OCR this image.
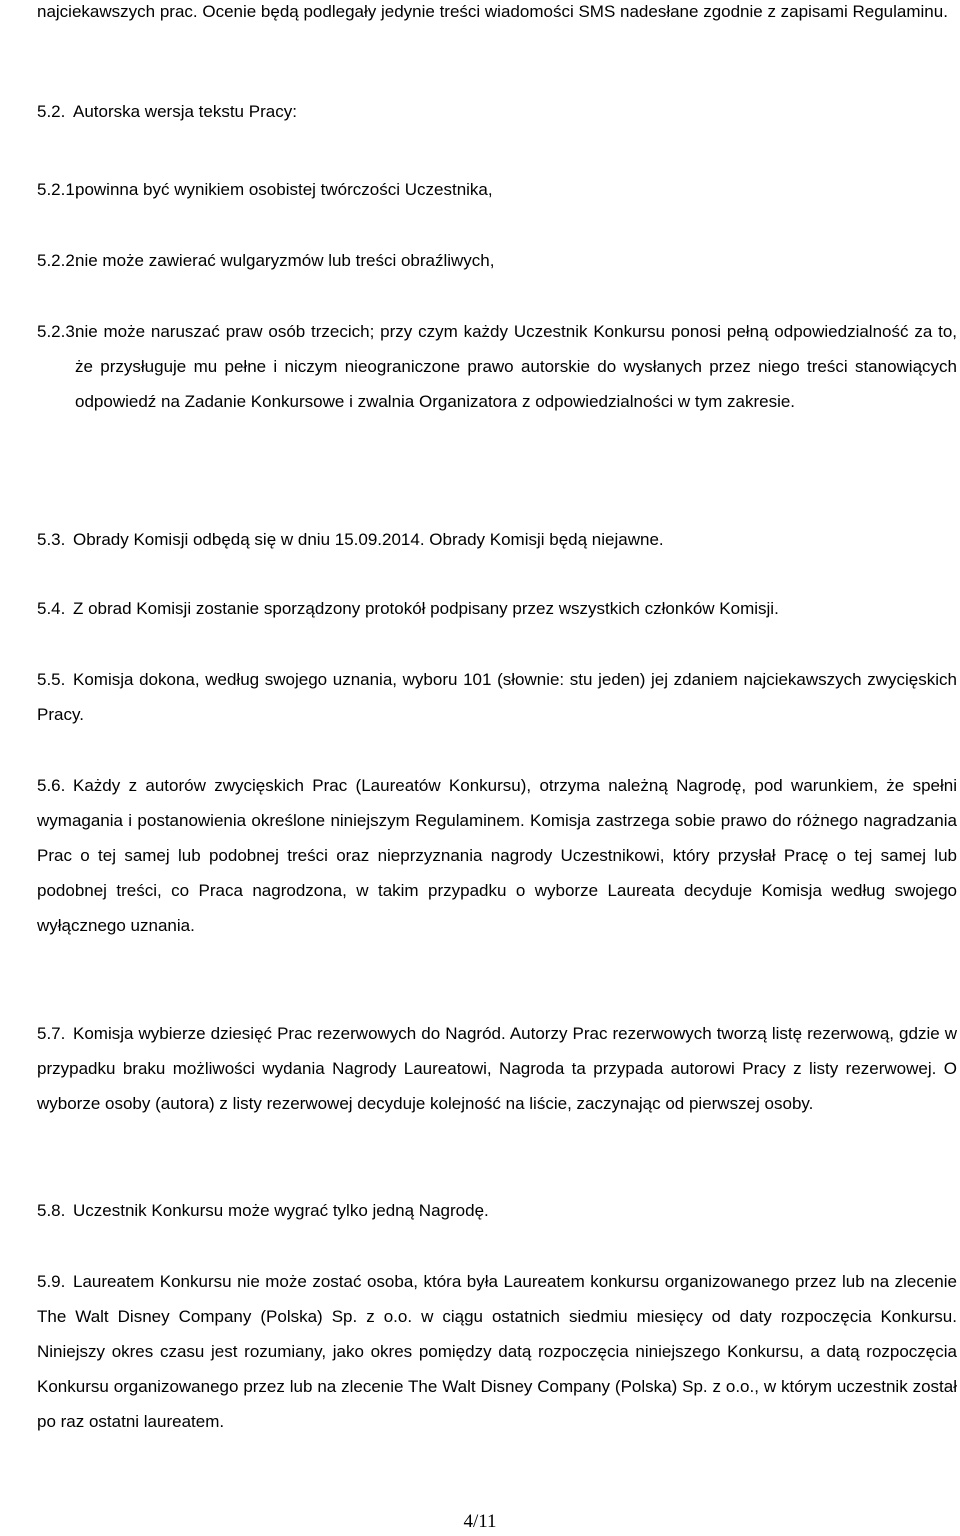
najciekawszych prac. Ocenie będą podlegały jedynie treści wiadomości SMS nadesłane zgodnie z zapisami Regulaminu.

5.2. Autorska wersja tekstu Pracy:
5.2.1.
powinna być wynikiem osobistej twórczości Uczestnika,
5.2.2.
nie może zawierać wulgaryzmów lub treści obraźliwych,
5.2.3.
nie może naruszać praw osób trzecich; przy czym każdy Uczestnik Konkursu ponosi pełną odpowiedzialność za to, że przysługuje mu pełne i niczym nieograniczone prawo autorskie do wysłanych przez niego treści stanowiących odpowiedź na Zadanie Konkursowe i zwalnia Organizatora z odpowiedzialności w tym zakresie.
5.3. Obrady Komisji odbędą się w dniu 15.09.2014. Obrady Komisji będą niejawne.
5.4. Z obrad Komisji zostanie sporządzony protokół podpisany przez wszystkich członków Komisji.
5.5. Komisja dokona, według swojego uznania, wyboru 101 (słownie: stu jeden) jej zdaniem najciekawszych zwycięskich Pracy.
5.6. Każdy z autorów zwycięskich Prac (Laureatów Konkursu), otrzyma należną Nagrodę, pod warunkiem, że spełni wymagania i postanowienia określone niniejszym Regulaminem. Komisja zastrzega sobie prawo do różnego nagradzania Prac o tej samej lub podobnej treści oraz nieprzyznania nagrody Uczestnikowi, który przysłał Pracę o tej samej lub podobnej treści, co Praca nagrodzona, w takim przypadku o wyborze Laureata decyduje Komisja według swojego wyłącznego uznania.
5.7. Komisja wybierze dziesięć Prac rezerwowych do Nagród. Autorzy Prac rezerwowych tworzą listę rezerwową, gdzie w przypadku braku możliwości wydania Nagrody Laureatowi, Nagroda ta przypada autorowi Pracy z listy rezerwowej. O wyborze osoby (autora) z listy rezerwowej decyduje kolejność na liście, zaczynając od pierwszej osoby.
5.8. Uczestnik Konkursu może wygrać tylko jedną Nagrodę.
5.9. Laureatem Konkursu nie może zostać osoba, która była Laureatem konkursu organizowanego przez lub na zlecenie The Walt Disney Company (Polska) Sp. z o.o. w ciągu ostatnich siedmiu miesięcy od daty rozpoczęcia Konkursu. Niniejszy okres czasu jest rozumiany, jako okres pomiędzy datą rozpoczęcia niniejszego Konkursu, a datą rozpoczęcia Konkursu organizowanego przez lub na zlecenie The Walt Disney Company (Polska) Sp. z o.o., w którym uczestnik został po raz ostatni laureatem.
4/11
